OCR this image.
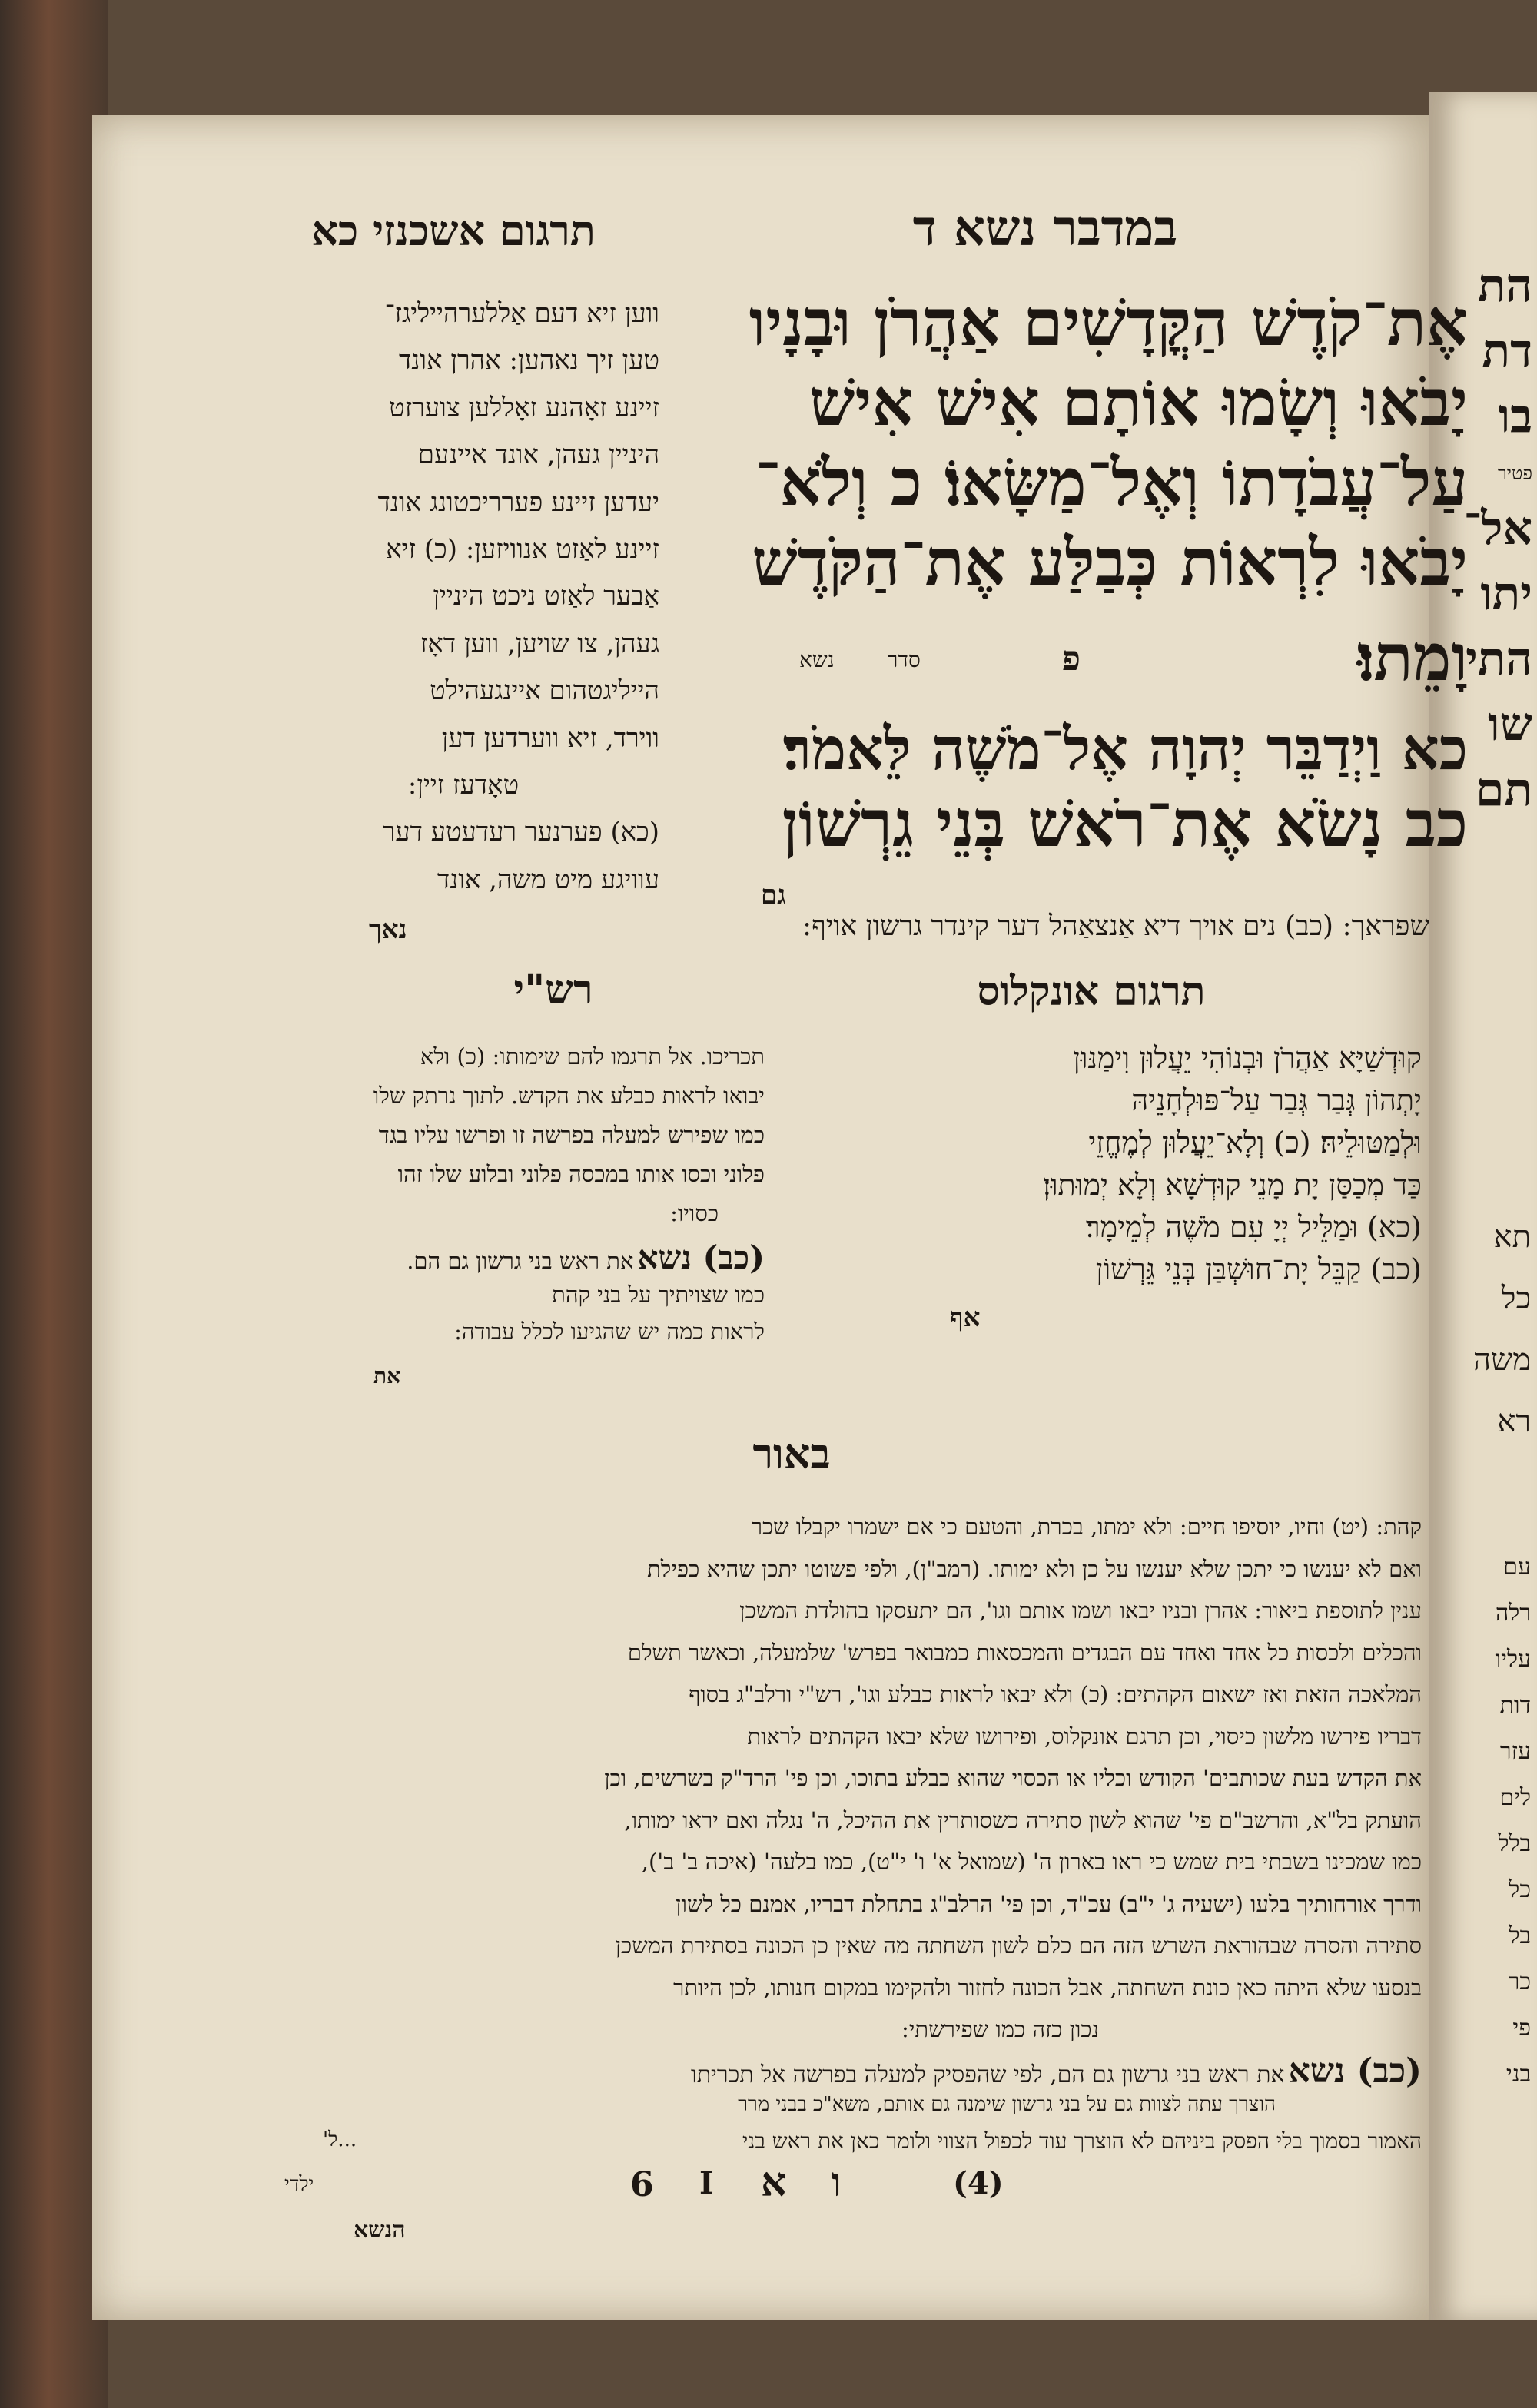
הת
דת
בו
פטיר
אל־
יתו
התי
שו
תם
תא
כל
משה
רא
עם
רלה
עליו
דות
עזר
לים
בלל
כל
בל
כר
פי
בני
במדבר נשא ד
תרגום אשכנזי כא
אֶת־קֹדֶשׁ הַקֳּדָשִׁים אַהֲרֹן וּבָנָיו
יָבֹאוּ וְשָׂמוּ אוֹתָם אִישׁ אִישׁ
עַל־עֲבֹדָתוֹ וְאֶל־מַשָּׂאוֹ׃ כ וְלֹא־
יָבֹאוּ לִרְאוֹת כְּבַלַּע אֶת־הַקֹּדֶשׁ
וָמֵתוּ׃
פ
סדר נשא
כא וַיְדַבֵּר יְהוָה אֶל־מֹשֶׁה לֵּאמֹר׃
כב נָשֹׂא אֶת־רֹאשׁ בְּנֵי גֵרְשׁוֹן
גם
ווען זיא דעם אַללערהייליגז־
טען זיך נאהען: אהרן אונד
זיינע זאָהנע זאָללען צוערזט
היניין געהן, אונד איינעם
יעדען זיינע פערריכטונג אונד
זיינע לאַזט אנוויזען: (כ) זיא
אַבער לאַזט ניכט היניין
געהן, צו שויען, ווען דאָז
הייליגטהום איינגעהילט
ווירד, זיא ווערדען דען
טאָדעז זיין:
(כא) פערנער רעדעטע דער
עוויגע מיט משה, אונד
נאך	שפראך: (כב) נים אויך דיא אַנצאַהל דער קינדר גרשון אויף:
תרגום אונקלוס
קוּדְשַׁיָּא אַהֲרֹן וּבְנוֹהִי יֵעֲלוּן וִימַנּוּן
יָתְהוֹן גְּבַר גְּבַר עַל־פּוּלְחָנֵיהּ
וּלְמַטּוּלֵיהּ׃ (כ) וְלָא־יֵעֲלוּן לְמֶחֱזֵי
כַּד מְכַסַּן יָת מָנֵי קוּדְשָׁא וְלָא יְמוּתוּן׃
(כא) וּמַלֵּיל יְיָ עִם מֹשֶׁה לְמֵימָר׃
(כב) קַבֵּל יָת־חוּשְׁבַּן בְּנֵי גֵּרְשׁוֹן
אף
רש"י
תכריכו. אל תרגמו להם שימותו: (כ) ולא
יבואו לראות כבלע את הקדש. לתוך נרתק שלו
כמו שפירש למעלה בפרשה זו ופרשו עליו בגד
פלוני וכסו אותו במכסה פלוני ובלוע שלו זהו
כסויו:
(כב) נשא את ראש בני גרשון גם הם.
כמו שצויתיך על בני קהת
לראות כמה יש שהגיעו לכלל עבודה:
את
באור
קהת: (יט) וחיו, יוסיפו חיים: ולא ימתו, בכרת, והטעם כי אם ישמרו יקבלו שכר
ואם לא יענשו כי יתכן שלא יענשו על כן ולא ימותו. (רמב"ן), ולפי פשוטו יתכן שהיא כפילת
ענין לתוספת ביאור: אהרן ובניו יבאו ושמו אותם וגו', הם יתעסקו בהולדת המשכן
והכלים ולכסות כל אחד ואחד עם הבגדים והמכסאות כמבואר בפרש' שלמעלה, וכאשר תשלם
המלאכה הזאת ואז ישאום הקהתים: (כ) ולא יבאו לראות כבלע וגו', רש"י ורלב"ג בסוף
דבריו פירשו מלשון כיסוי, וכן תרגם אונקלוס, ופירושו שלא יבאו הקהתים לראות
את הקדש בעת שכותבים' הקודש וכליו או הכסוי שהוא כבלע בתוכו, וכן פי' הרד"ק בשרשים, וכן
הועתק בל"א, והרשב"ם פי' שהוא לשון סתירה כשסותרין את ההיכל, ה' נגלה ואם יראו ימותו,
כמו שמכינו בשבתי בית שמש כי ראו בארון ה' (שמואל א' ו' י"ט), כמו בלעה' (איכה ב' ב'),
ודרך אורחותיך בלעו (ישעיה ג' י"ב) עכ"ד, וכן פי' הרלב"ג בתחלת דבריו, אמנם כל לשון
סתירה והסרה שבהוראת השרש הזה הם כלם לשון השחתה מה שאין כן הכונה בסתירת המשכן
בנסעו שלא היתה כאן כונת השחתה, אבל הכונה לחזור ולהקימו במקום חנותו, לכן היותר
נכון כזה כמו שפירשתי:
(כב) נשא את ראש בני גרשון גם הם, לפי שהפסיק למעלה בפרשה אל תכריתו
הוצרך עתה לצוות גם על בני גרשון שימנה גם אותם, משא"כ בבני מרר
האמור בסמוך בלי הפסק ביניהם לא הוצרך עוד לכפול הצווי ולומר כאן את ראש בני
...ל'
ילדי	6 I ו א	(4)
הנשא
